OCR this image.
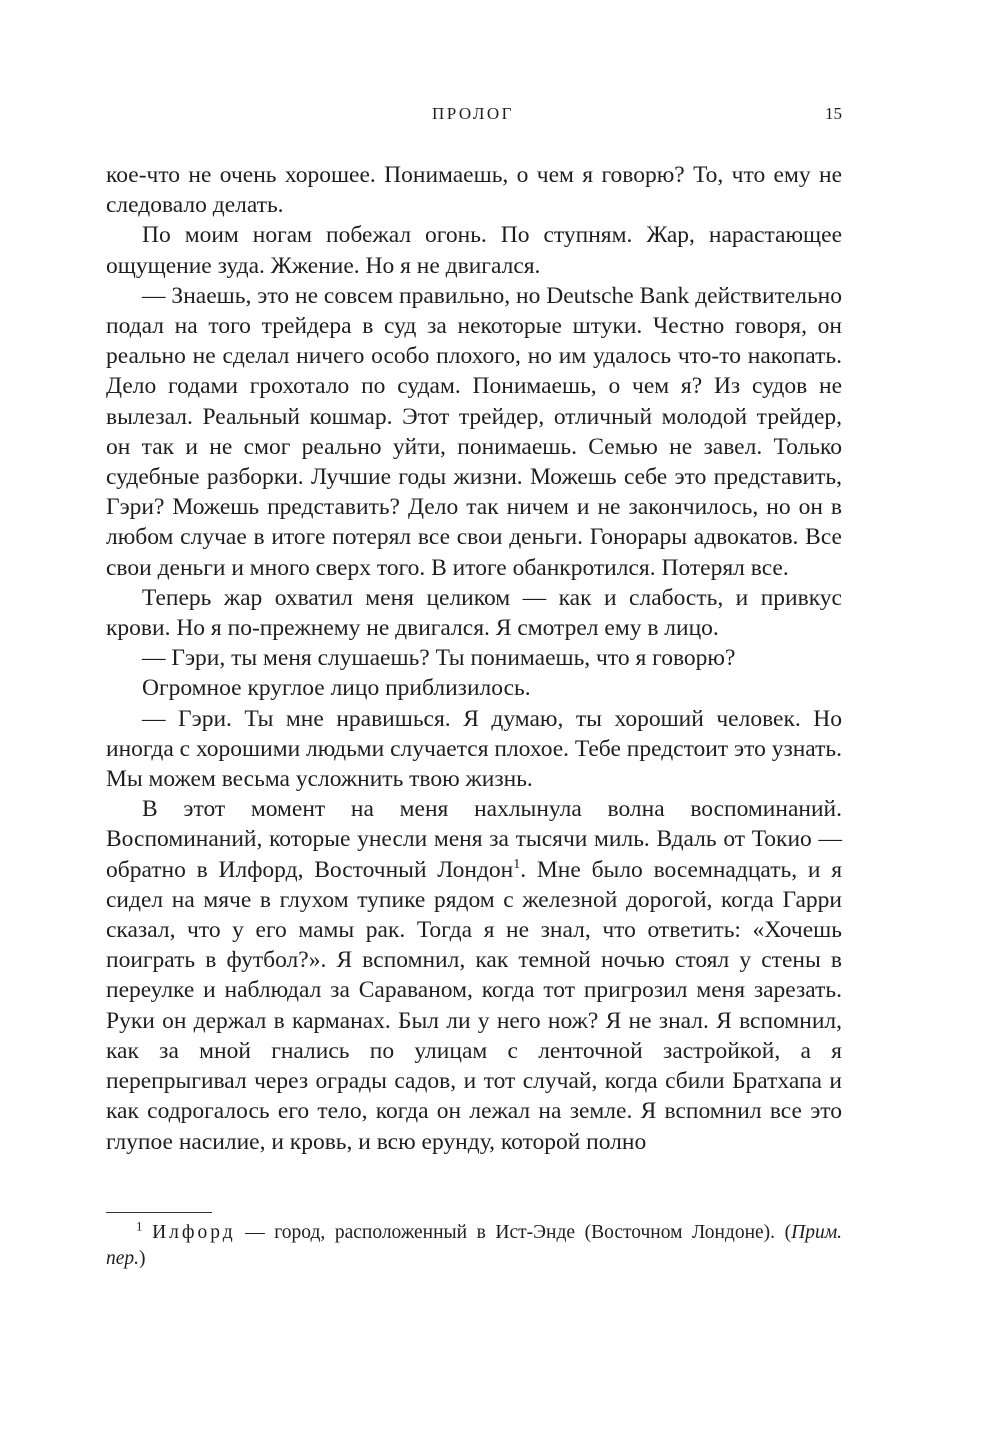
ПРОЛОГ	15

кое-что не очень хорошее. Понимаешь, о чем я говорю? То, что ему не следовало делать.

По моим ногам побежал огонь. По ступням. Жар, нарастающее ощущение зуда. Жжение. Но я не двигался.

— Знаешь, это не совсем правильно, но Deutsche Bank действительно подал на того трейдера в суд за некоторые штуки. Честно говоря, он реально не сделал ничего особо плохого, но им удалось что-то накопать. Дело годами грохотало по судам. Понимаешь, о чем я? Из судов не вылезал. Реальный кошмар. Этот трейдер, отличный молодой трейдер, он так и не смог реально уйти, понимаешь. Семью не завел. Только судебные разборки. Лучшие годы жизни. Можешь себе это представить, Гэри? Можешь представить? Дело так ничем и не закончилось, но он в любом случае в итоге потерял все свои деньги. Гонорары адвокатов. Все свои деньги и много сверх того. В итоге обанкротился. Потерял все.

Теперь жар охватил меня целиком — как и слабость, и привкус крови. Но я по-прежнему не двигался. Я смотрел ему в лицо.

— Гэри, ты меня слушаешь? Ты понимаешь, что я говорю?

Огромное круглое лицо приблизилось.

— Гэри. Ты мне нравишься. Я думаю, ты хороший человек. Но иногда с хорошими людьми случается плохое. Тебе предстоит это узнать. Мы можем весьма усложнить твою жизнь.

В этот момент на меня нахлынула волна воспоминаний. Воспоминаний, которые унесли меня за тысячи миль. Вдаль от Токио — обратно в Илфорд, Восточный Лондон$^1$. Мне было восемнадцать, и я сидел на мяче в глухом тупике рядом с железной дорогой, когда Гарри сказал, что у его мамы рак. Тогда я не знал, что ответить: «Хочешь поиграть в футбол?». Я вспомнил, как темной ночью стоял у стены в переулке и наблюдал за Сараваном, когда тот пригрозил меня зарезать. Руки он держал в карманах. Был ли у него нож? Я не знал. Я вспомнил, как за мной гнались по улицам с ленточной застройкой, а я перепрыгивал через ограды садов, и тот случай, когда сбили Братхапа и как содрогалось его тело, когда он лежал на земле. Я вспомнил все это глупое насилие, и кровь, и всю ерунду, которой полно

$^1$ Илфорд — город, расположенный в Ист-Энде (Восточном Лондоне). (Прим. пер.)
